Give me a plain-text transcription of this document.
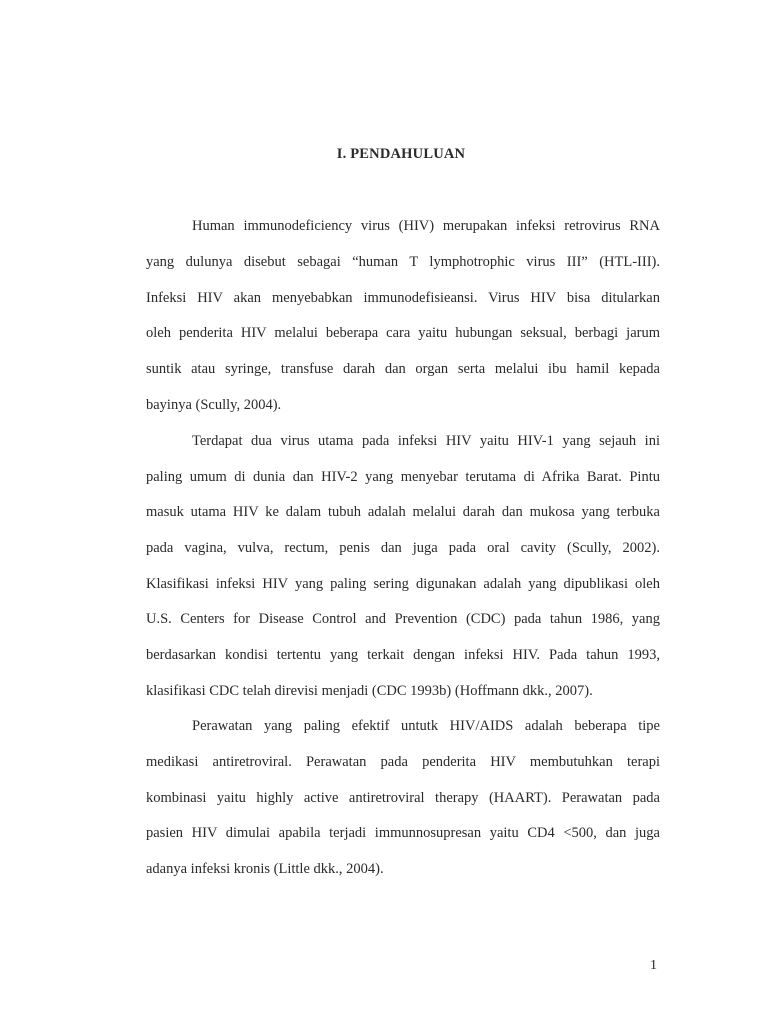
I. PENDAHULUAN
Human immunodeficiency virus (HIV) merupakan infeksi retrovirus RNA
yang dulunya disebut sebagai “human T lymphotrophic virus III” (HTL-III).
Infeksi HIV akan menyebabkan immunodefisieansi. Virus HIV bisa ditularkan
oleh penderita HIV melalui beberapa cara yaitu hubungan seksual, berbagi jarum
suntik atau syringe, transfuse darah dan organ serta melalui ibu hamil kepada
bayinya (Scully, 2004).
Terdapat dua virus utama pada infeksi HIV yaitu HIV-1 yang sejauh ini
paling umum di dunia dan HIV-2 yang menyebar terutama di Afrika Barat. Pintu
masuk utama HIV ke dalam tubuh adalah melalui darah dan mukosa yang terbuka
pada vagina, vulva, rectum, penis dan juga pada oral cavity (Scully, 2002).
Klasifikasi infeksi HIV yang paling sering digunakan adalah yang dipublikasi oleh
U.S. Centers for Disease Control and Prevention (CDC) pada tahun 1986, yang
berdasarkan kondisi tertentu yang terkait dengan infeksi HIV. Pada tahun 1993,
klasifikasi CDC telah direvisi menjadi (CDC 1993b) (Hoffmann dkk., 2007).
Perawatan yang paling efektif untutk HIV/AIDS adalah beberapa tipe
medikasi antiretroviral. Perawatan pada penderita HIV membutuhkan terapi
kombinasi yaitu highly active antiretroviral therapy (HAART). Perawatan pada
pasien HIV dimulai apabila terjadi immunnosupresan yaitu CD4 <500, dan juga
adanya infeksi kronis (Little dkk., 2004).
1
